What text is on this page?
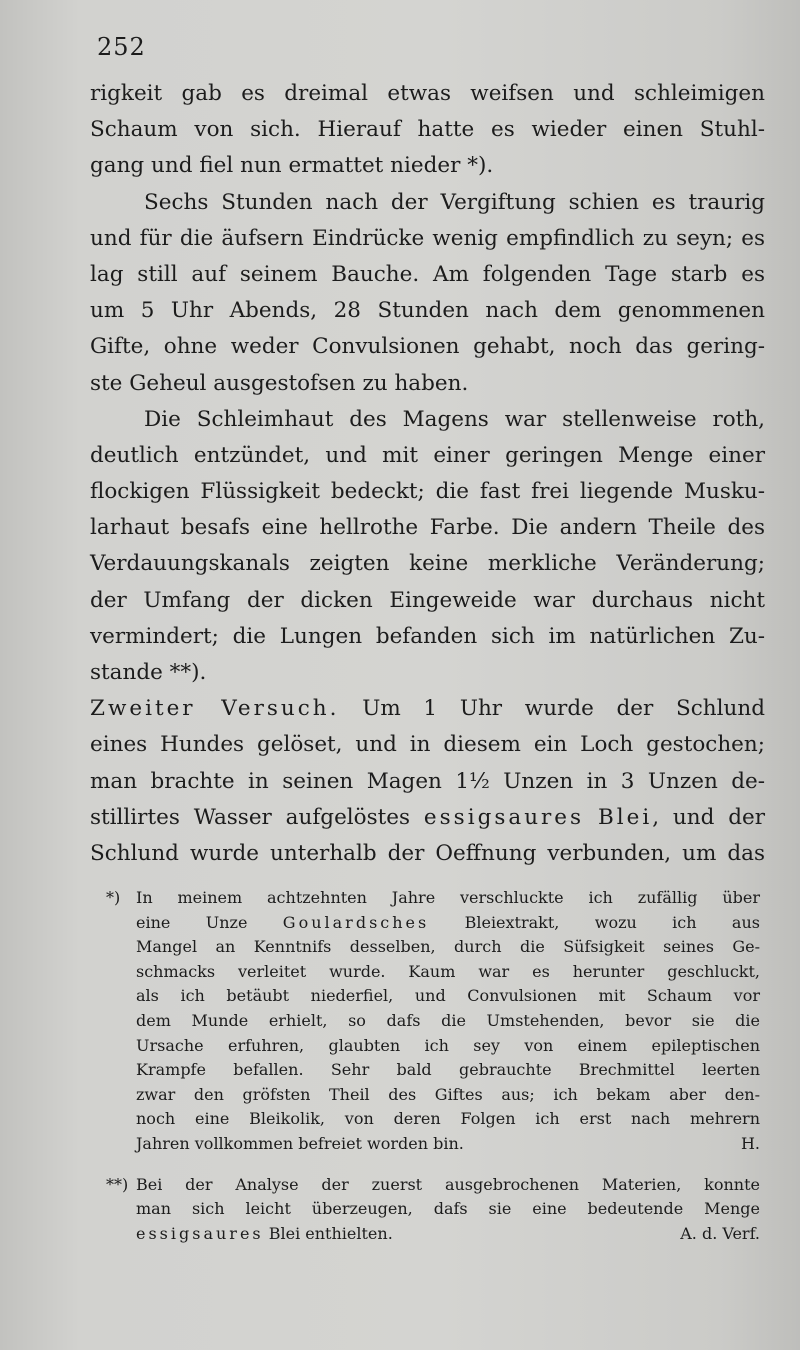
252
rigkeit gab es dreimal etwas weifsen und schleimigen
Schaum von sich. Hierauf hatte es wieder einen Stuhl-
gang und fiel nun ermattet nieder *).
Sechs Stunden nach der Vergiftung schien es traurig
und für die äufsern Eindrücke wenig empfindlich zu seyn; es
lag still auf seinem Bauche. Am folgenden Tage starb es
um 5 Uhr Abends, 28 Stunden nach dem genommenen
Gifte, ohne weder Convulsionen gehabt, noch das gering-
ste Geheul ausgestofsen zu haben.
Die Schleimhaut des Magens war stellenweise roth,
deutlich entzündet, und mit einer geringen Menge einer
flockigen Flüssigkeit bedeckt; die fast frei liegende Musku-
larhaut besafs eine hellrothe Farbe. Die andern Theile des
Verdauungskanals zeigten keine merkliche Veränderung;
der Umfang der dicken Eingeweide war durchaus nicht
vermindert; die Lungen befanden sich im natürlichen Zu-
stande **).
Zweiter Versuch. Um 1 Uhr wurde der Schlund
eines Hundes gelöset, und in diesem ein Loch gestochen;
man brachte in seinen Magen 1½ Unzen in 3 Unzen de-
stillirtes Wasser aufgelöstes essigsaures Blei, und der
Schlund wurde unterhalb der Oeffnung verbunden, um das
*) In meinem achtzehnten Jahre verschluckte ich zufällig über
eine Unze Goulardsches Bleiextrakt, wozu ich aus
Mangel an Kenntnifs desselben, durch die Süfsigkeit seines Ge-
schmacks verleitet wurde. Kaum war es herunter geschluckt,
als ich betäubt niederfiel, und Convulsionen mit Schaum vor
dem Munde erhielt, so dafs die Umstehenden, bevor sie die
Ursache erfuhren, glaubten ich sey von einem epileptischen
Krampfe befallen. Sehr bald gebrauchte Brechmittel leerten
zwar den gröfsten Theil des Giftes aus; ich bekam aber den-
noch eine Bleikolik, von deren Folgen ich erst nach mehrern
Jahren vollkommen befreiet worden bin.	H.
**) Bei der Analyse der zuerst ausgebrochenen Materien, konnte
man sich leicht überzeugen, dafs sie eine bedeutende Menge
essigsaures Blei enthielten.	A. d. Verf.
